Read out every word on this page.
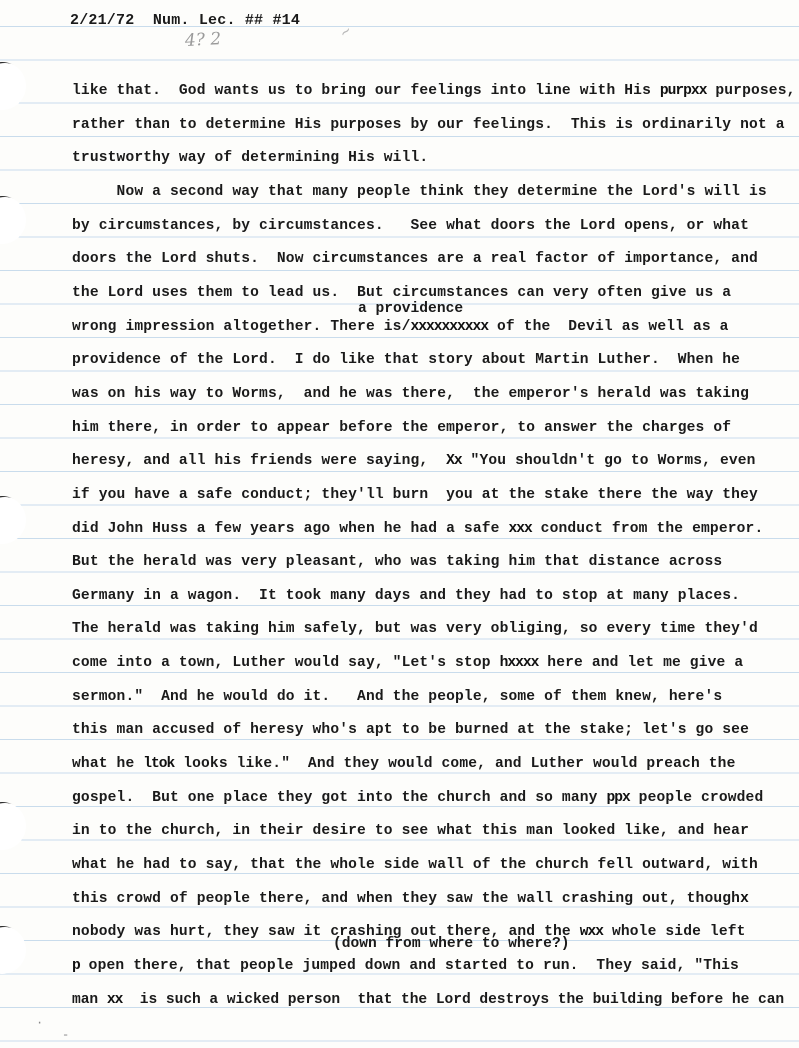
2/21/72 Num. Lec. ## #14
4? 2	~
like that.  God wants us to bring our feelings into line with His purpxx purposes,
rather than to determine His purposes by our feelings.  This is ordinarily not a
trustworthy way of determining His will.
Now a second way that many people think they determine the Lord's will is
by circumstances, by circumstances.   See what doors the Lord opens, or what
doors the Lord shuts.  Now circumstances are a real factor of importance, and
the Lord uses them to lead us.  But circumstances can very often give us a
wrong impression altogether. There is/xxxxxxxxxx of the  Devil as well as a
providence of the Lord.  I do like that story about Martin Luther.  When he
was on his way to Worms,  and he was there,  the emperor's herald was taking
him there, in order to appear before the emperor, to answer the charges of
heresy, and all his friends were saying,  Xx "You shouldn't go to Worms, even
if you have a safe conduct; they'll burn  you at the stake there the way they
did John Huss a few years ago when he had a safe xxx conduct from the emperor.
But the herald was very pleasant, who was taking him that distance across
Germany in a wagon.  It took many days and they had to stop at many places.
The herald was taking him safely, but was very obliging, so every time they'd
come into a town, Luther would say, "Let's stop hxxxx here and let me give a
sermon."  And he would do it.   And the people, some of them knew, here's
this man accused of heresy who's apt to be burned at the stake; let's go see
what he ltok looks like."  And they would come, and Luther would preach the
gospel.  But one place they got into the church and so many ppx people crowded
in to the church, in their desire to see what this man looked like, and hear
what he had to say, that the whole side wall of the church fell outward, with
this crowd of people there, and when they saw the wall crashing out, thoughx
nobody was hurt, they saw it crashing out there, and the wxx whole side left
p open there, that people jumped down and started to run.  They said, "This
man xx  is such a wicked person  that the Lord destroys the building before he can
a providence
(down from where to where?)
·
-
